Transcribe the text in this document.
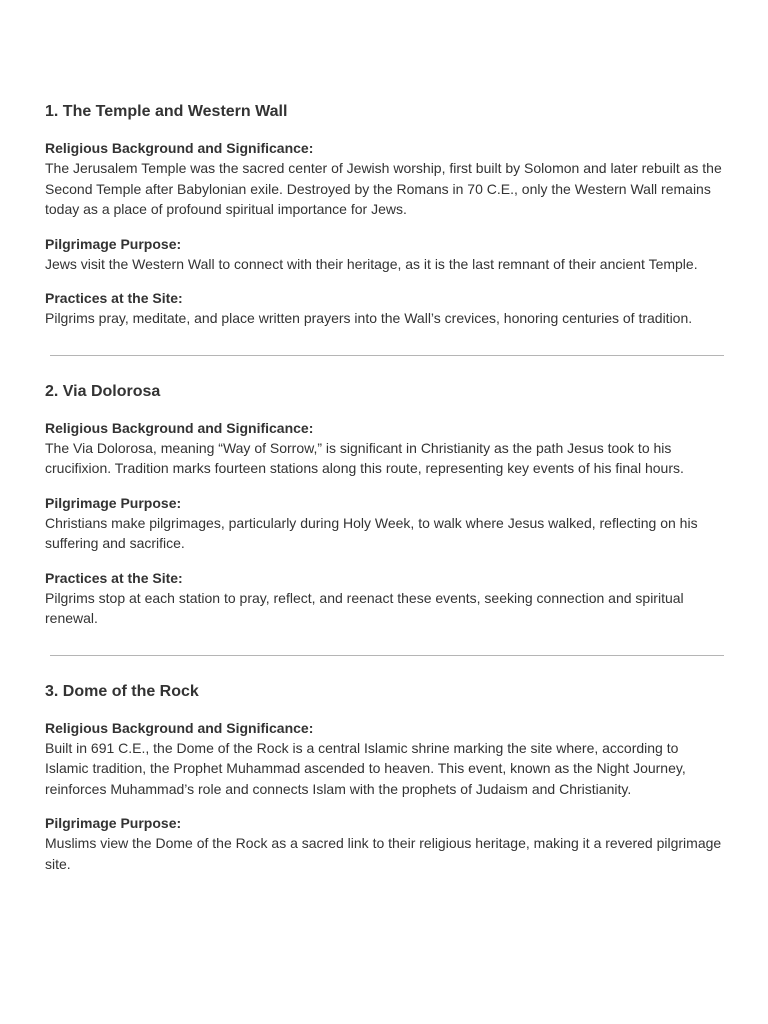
1. The Temple and Western Wall

Religious Background and Significance:

The Jerusalem Temple was the sacred center of Jewish worship, first built by Solomon and later rebuilt as the Second Temple after Babylonian exile. Destroyed by the Romans in 70 C.E., only the Western Wall remains today as a place of profound spiritual importance for Jews.

Pilgrimage Purpose:

Jews visit the Western Wall to connect with their heritage, as it is the last remnant of their ancient Temple.

Practices at the Site:

Pilgrims pray, meditate, and place written prayers into the Wall’s crevices, honoring centuries of tradition.

2. Via Dolorosa

Religious Background and Significance:

The Via Dolorosa, meaning “Way of Sorrow,” is significant in Christianity as the path Jesus took to his crucifixion. Tradition marks fourteen stations along this route, representing key events of his final hours.

Pilgrimage Purpose:

Christians make pilgrimages, particularly during Holy Week, to walk where Jesus walked, reflecting on his suffering and sacrifice.

Practices at the Site:

Pilgrims stop at each station to pray, reflect, and reenact these events, seeking connection and spiritual renewal.

3. Dome of the Rock

Religious Background and Significance:

Built in 691 C.E., the Dome of the Rock is a central Islamic shrine marking the site where, according to Islamic tradition, the Prophet Muhammad ascended to heaven. This event, known as the Night Journey, reinforces Muhammad’s role and connects Islam with the prophets of Judaism and Christianity.

Pilgrimage Purpose:

Muslims view the Dome of the Rock as a sacred link to their religious heritage, making it a revered pilgrimage site.
